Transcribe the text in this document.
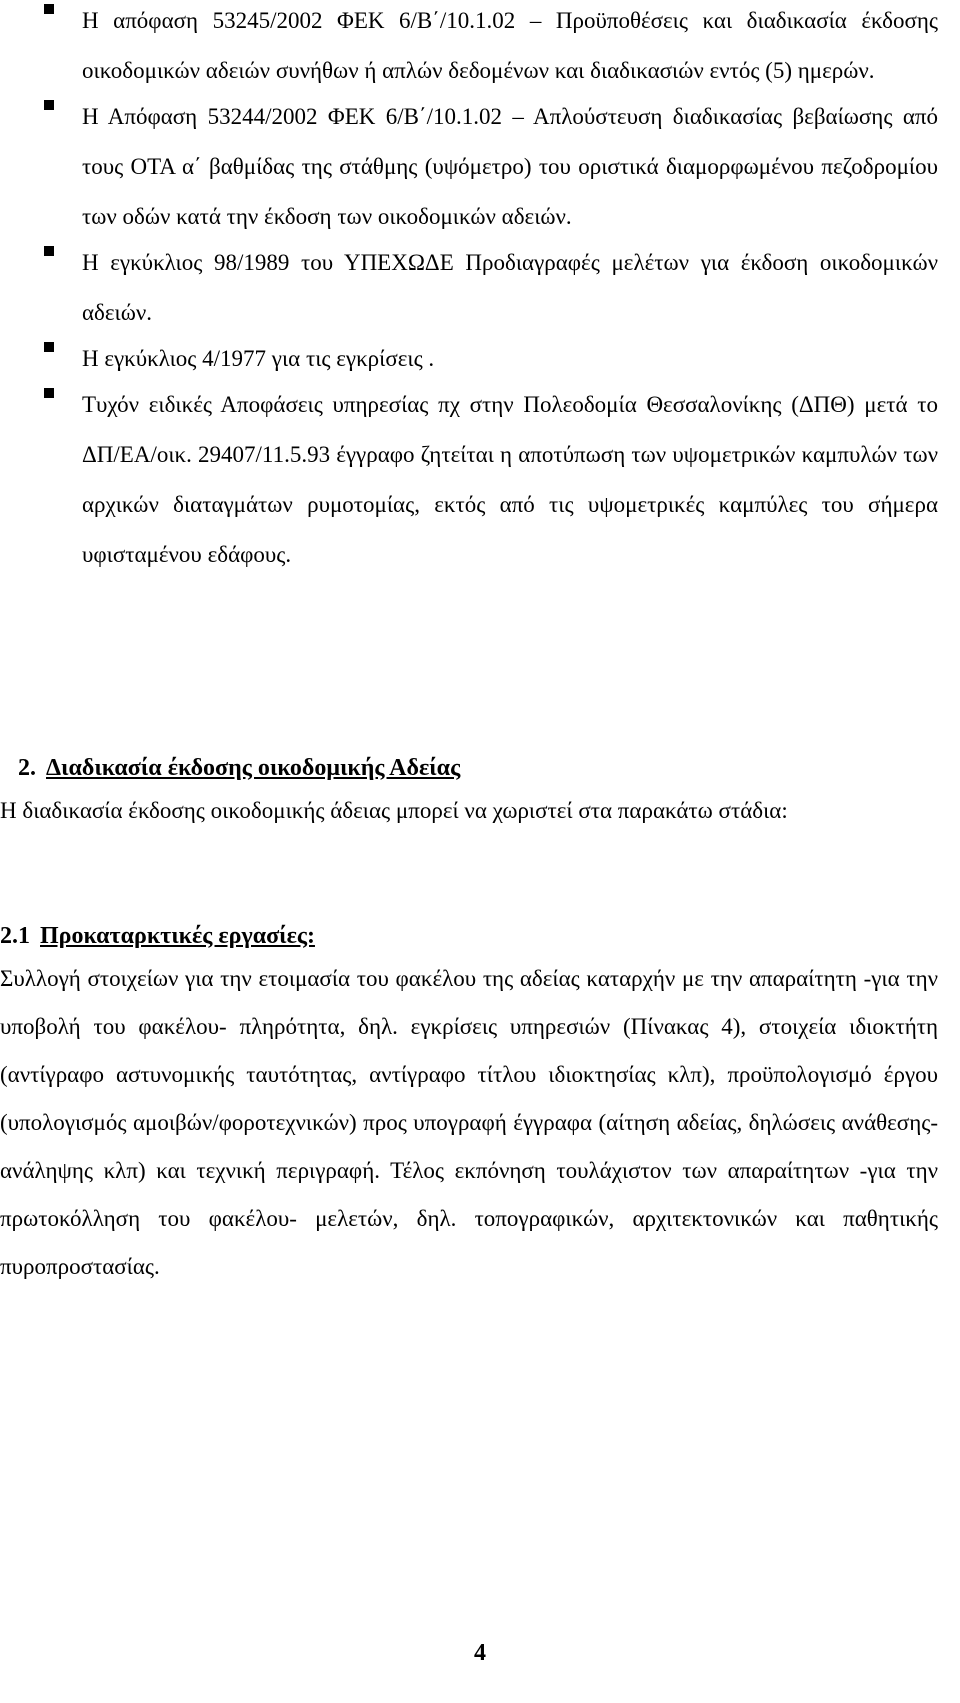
Η απόφαση 53245/2002 ΦΕΚ 6/Β΄/10.1.02 – Προϋποθέσεις και διαδικασία έκδοσης οικοδομικών αδειών συνήθων ή απλών δεδομένων και διαδικασιών εντός (5) ημερών.
Η Απόφαση 53244/2002 ΦΕΚ 6/Β΄/10.1.02 – Απλούστευση διαδικασίας βεβαίωσης από τους ΟΤΑ α΄ βαθμίδας της στάθμης (υψόμετρο) του οριστικά διαμορφωμένου πεζοδρομίου των οδών κατά την έκδοση των οικοδομικών αδειών.
Η εγκύκλιος 98/1989 του ΥΠΕΧΩΔΕ Προδιαγραφές μελέτων για έκδοση οικοδομικών αδειών.
Η εγκύκλιος 4/1977 για τις εγκρίσεις .
Τυχόν ειδικές Αποφάσεις υπηρεσίας πχ στην Πολεοδομία Θεσσαλονίκης (ΔΠΘ) μετά το ΔΠ/ΕΑ/οικ. 29407/11.5.93 έγγραφο ζητείται η αποτύπωση των υψομετρικών καμπυλών των αρχικών διαταγμάτων ρυμοτομίας, εκτός από τις υψομετρικές καμπύλες του σήμερα υφισταμένου εδάφους.
2. Διαδικασία έκδοσης οικοδομικής Αδείας
Η διαδικασία έκδοσης οικοδομικής άδειας μπορεί να χωριστεί στα παρακάτω στάδια:
2.1 Προκαταρκτικές εργασίες:
Συλλογή στοιχείων για την ετοιμασία του φακέλου της αδείας καταρχήν με την απαραίτητη -για την υποβολή του φακέλου- πληρότητα, δηλ. εγκρίσεις υπηρεσιών (Πίνακας 4), στοιχεία ιδιοκτήτη (αντίγραφο αστυνομικής ταυτότητας, αντίγραφο τίτλου ιδιοκτησίας κλπ), προϋπολογισμό έργου (υπολογισμός αμοιβών/φοροτεχνικών) προς υπογραφή έγγραφα (αίτηση αδείας, δηλώσεις ανάθεσης-ανάληψης κλπ) και τεχνική περιγραφή. Τέλος εκπόνηση τουλάχιστον των απαραίτητων -για την πρωτοκόλληση του φακέλου- μελετών, δηλ. τοπογραφικών, αρχιτεκτονικών και παθητικής πυροπροστασίας.
4
